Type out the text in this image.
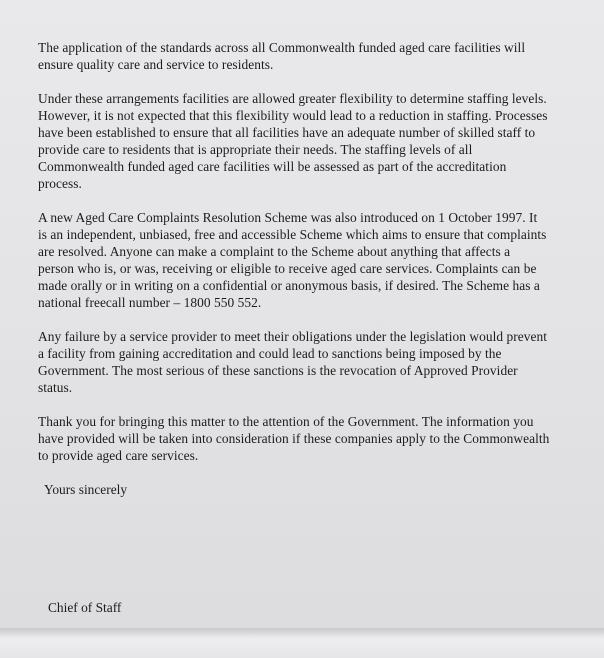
The application of the standards across all Commonwealth funded aged care facilities will
ensure quality care and service to residents.
Under these arrangements facilities are allowed greater flexibility to determine staffing levels.
However, it is not expected that this flexibility would lead to a reduction in staffing. Processes
have been established to ensure that all facilities have an adequate number of skilled staff to
provide care to residents that is appropriate their needs. The staffing levels of all
Commonwealth funded aged care facilities will be assessed as part of the accreditation
process.
A new Aged Care Complaints Resolution Scheme was also introduced on 1 October 1997. It
is an independent, unbiased, free and accessible Scheme which aims to ensure that complaints
are resolved. Anyone can make a complaint to the Scheme about anything that affects a
person who is, or was, receiving or eligible to receive aged care services. Complaints can be
made orally or in writing on a confidential or anonymous basis, if desired. The Scheme has a
national freecall number – 1800 550 552.
Any failure by a service provider to meet their obligations under the legislation would prevent
a facility from gaining accreditation and could lead to sanctions being imposed by the
Government. The most serious of these sanctions is the revocation of Approved Provider
status.
Thank you for bringing this matter to the attention of the Government. The information you
have provided will be taken into consideration if these companies apply to the Commonwealth
to provide aged care services.
Yours sincerely
Chief of Staff
